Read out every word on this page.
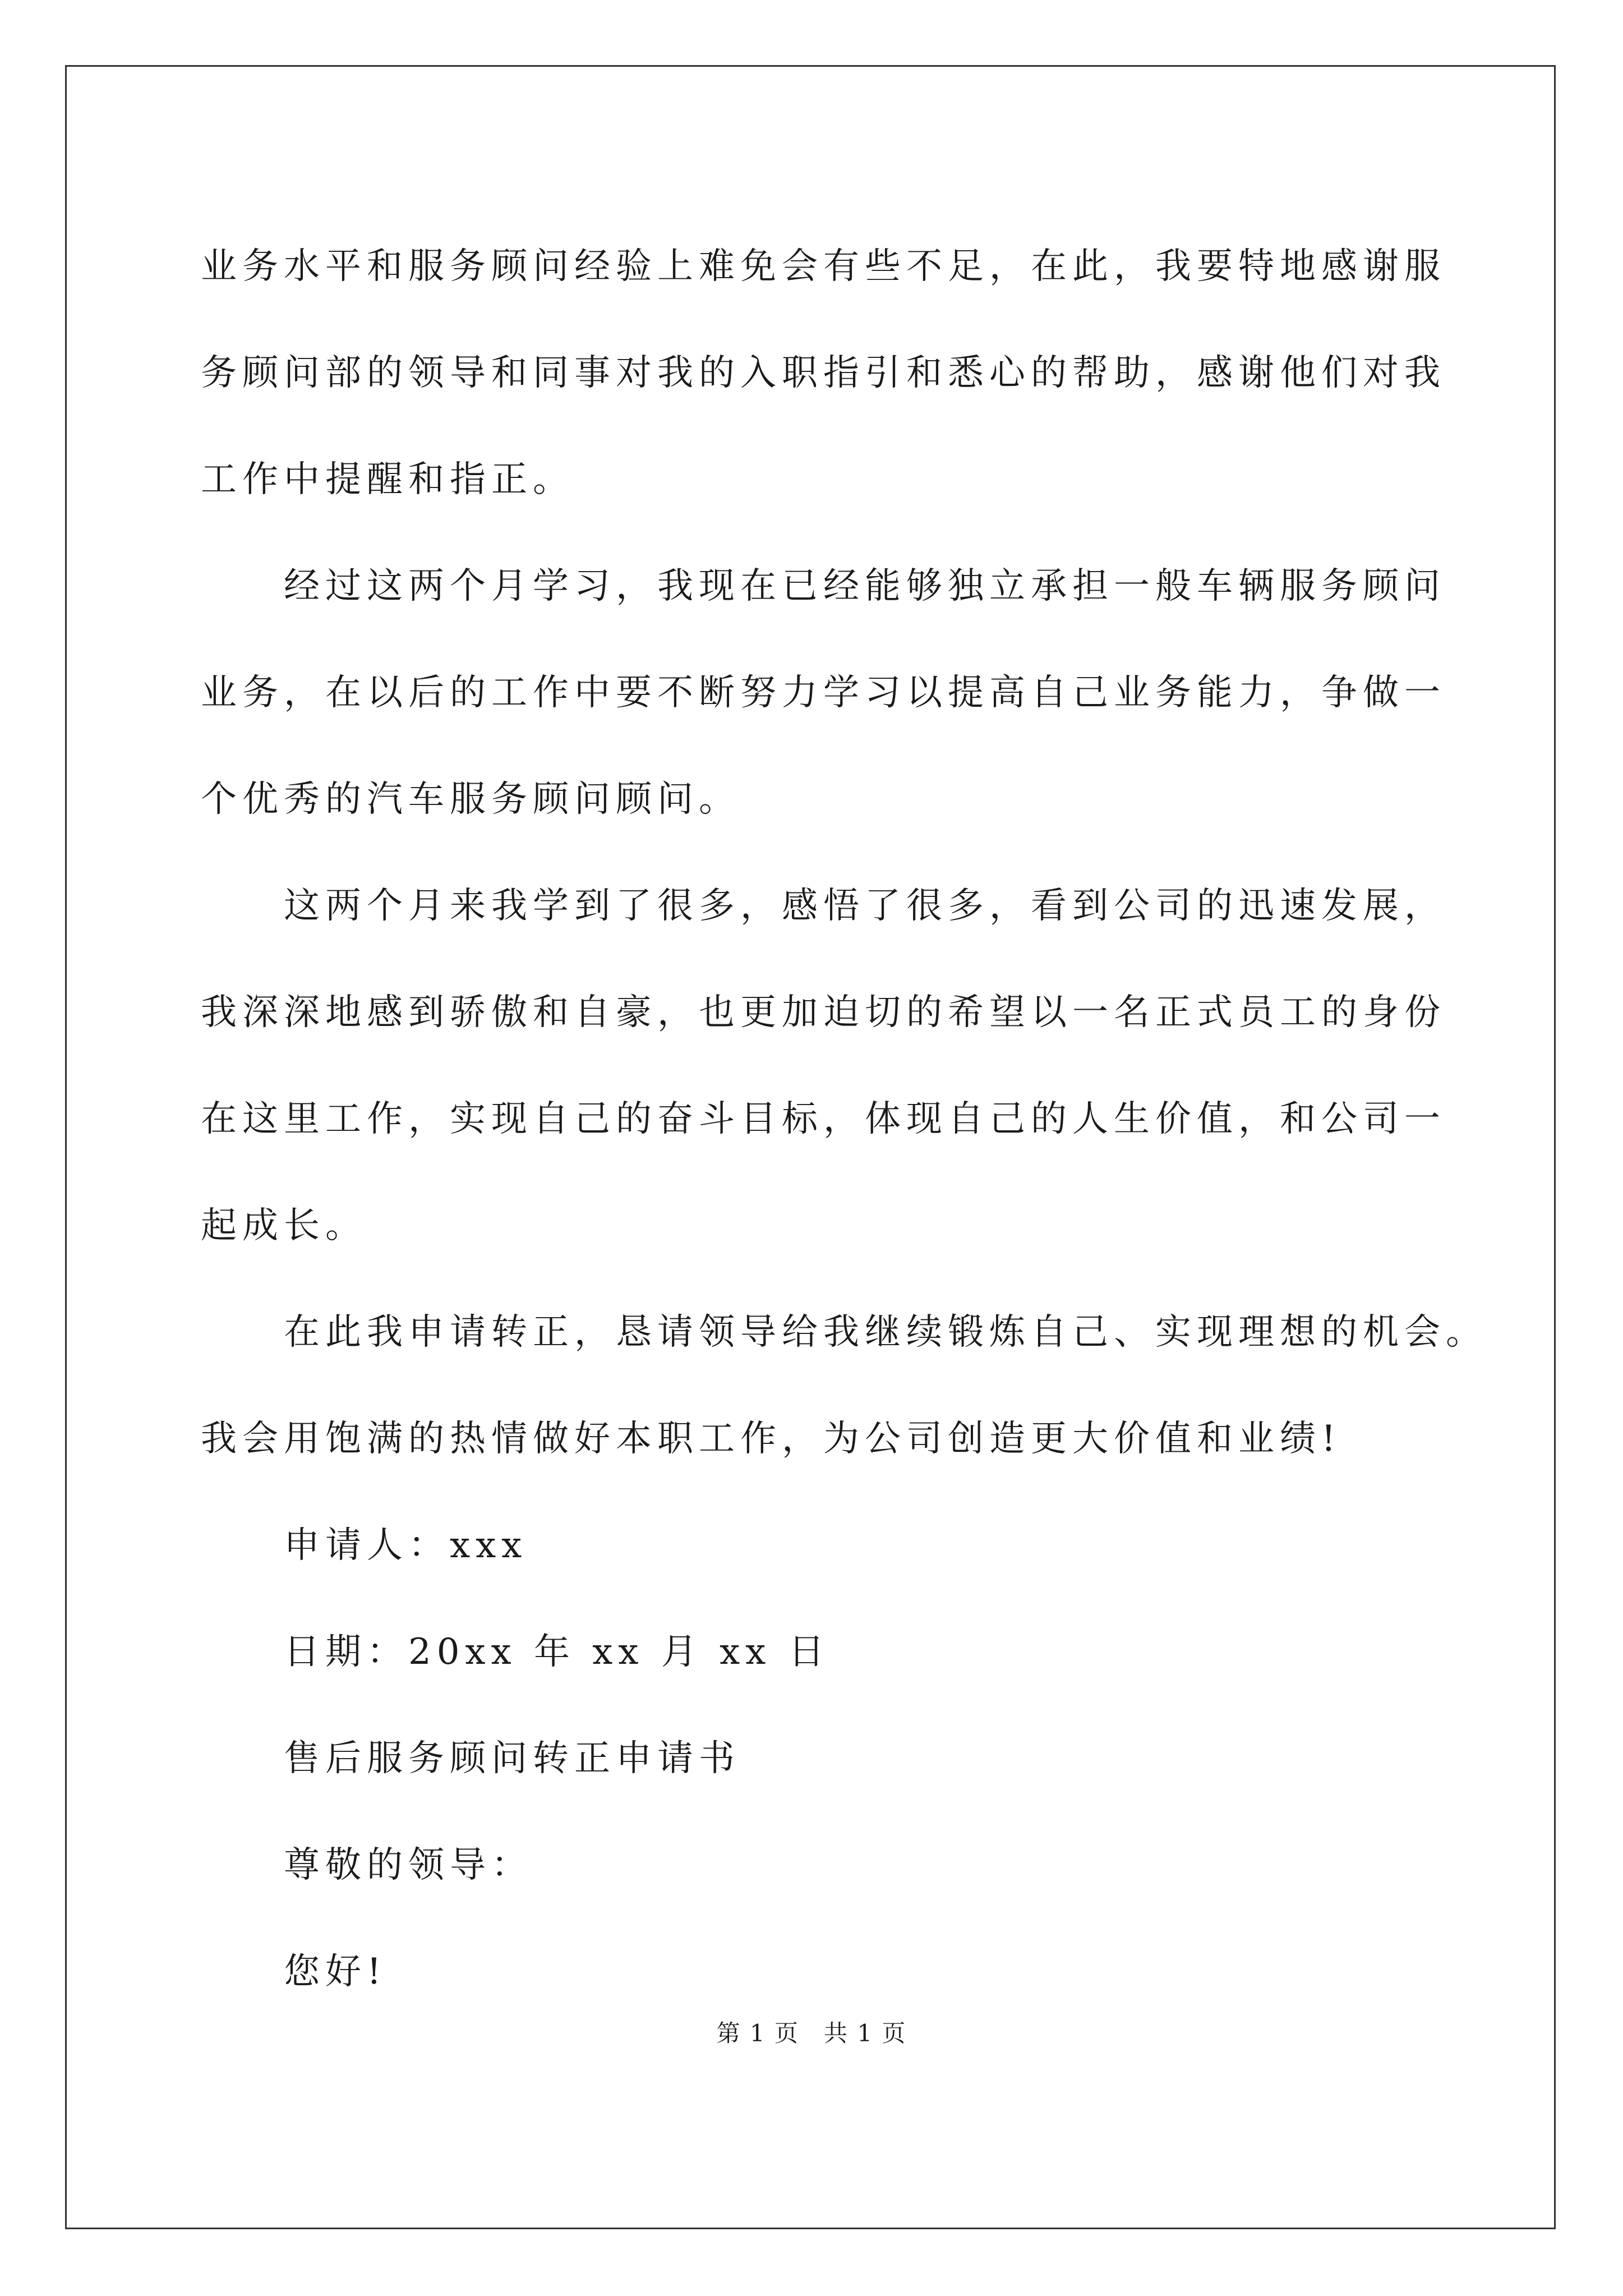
业务水平和服务顾问经验上难免会有些不足，在此，我要特地感谢服
务顾问部的领导和同事对我的入职指引和悉心的帮助，感谢他们对我
工作中提醒和指正。
经过这两个月学习，我现在已经能够独立承担一般车辆服务顾问
业务，在以后的工作中要不断努力学习以提高自己业务能力，争做一
个优秀的汽车服务顾问顾问。
这两个月来我学到了很多，感悟了很多，看到公司的迅速发展，
我深深地感到骄傲和自豪，也更加迫切的希望以一名正式员工的身份
在这里工作，实现自己的奋斗目标，体现自己的人生价值，和公司一
起成长。
在此我申请转正，恳请领导给我继续锻炼自己、实现理想的机会。
我会用饱满的热情做好本职工作，为公司创造更大价值和业绩!
申请人：xxx
日期：20xx 年 xx 月 xx 日
售后服务顾问转正申请书
尊敬的领导：
您好!
第 1 页 共 1 页
